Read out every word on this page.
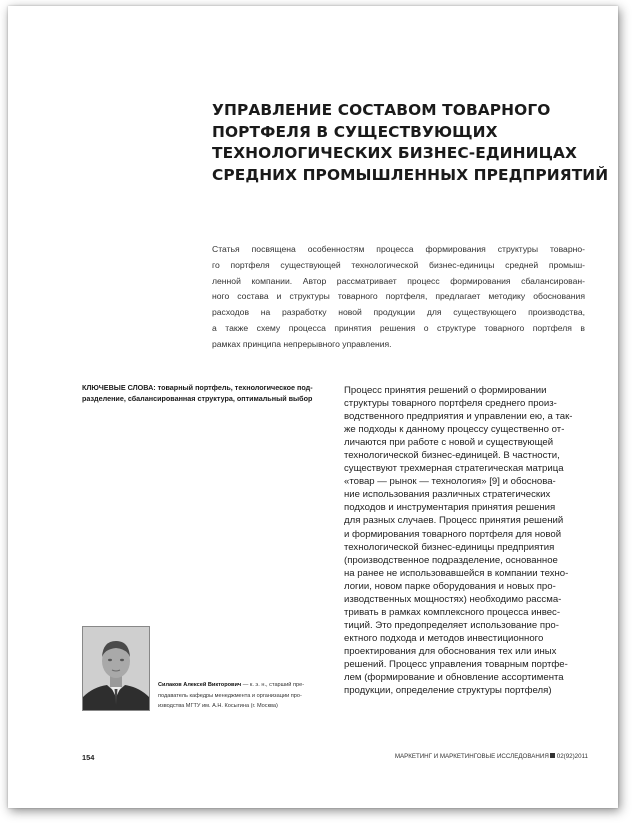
УПРАВЛЕНИЕ СОСТАВОМ ТОВАРНОГО
ПОРТФЕЛЯ В СУЩЕСТВУЮЩИХ
ТЕХНОЛОГИЧЕСКИХ БИЗНЕС-ЕДИНИЦАХ
СРЕДНИХ ПРОМЫШЛЕННЫХ ПРЕДПРИЯТИЙ
Статья посвящена особенностям процесса формирования структуры товарно-
го портфеля существующей технологической бизнес-единицы средней промыш-
ленной компании. Автор рассматривает процесс формирования сбалансирован-
ного состава и структуры товарного портфеля, предлагает методику обоснования
расходов на разработку новой продукции для существующего производства,
а также схему процесса принятия решения о структуре товарного портфеля в
рамках принципа непрерывного управления.
КЛЮЧЕВЫЕ СЛОВА: товарный портфель, технологическое под-
разделение, сбалансированная структура, оптимальный выбор
Процесс принятия решений о формировании
структуры товарного портфеля среднего произ-
водственного предприятия и управлении ею, а так-
же подходы к данному процессу существенно от-
личаются при работе с новой и существующей
технологической бизнес-единицей. В частности,
существуют трехмерная стратегическая матрица
«товар — рынок — технология» [9] и обоснова-
ние использования различных стратегических
подходов и инструментария принятия решения
для разных случаев. Процесс принятия решений
и формирования товарного портфеля для новой
технологической бизнес-единицы предприятия
(производственное подразделение, основанное
на ранее не использовавшейся в компании техно-
логии, новом парке оборудования и новых про-
изводственных мощностях) необходимо рассма-
тривать в рамках комплексного процесса инвес-
тиций. Это предопределяет использование про-
ектного подхода и методов инвестиционного
проектирования для обоснования тех или иных
решений. Процесс управления товарным портфе-
лем (формирование и обновление ассортимента
продукции, определение структуры портфеля)
Силаков Алексей Викторович — к. э. н., старший пре-
подаватель кафедры менеджмента и организации про-
изводства МГТУ им. А.Н. Косыгина (г. Москва)
154	МАРКЕТИНГ И МАРКЕТИНГОВЫЕ ИССЛЕДОВАНИЯ 02(92)2011
